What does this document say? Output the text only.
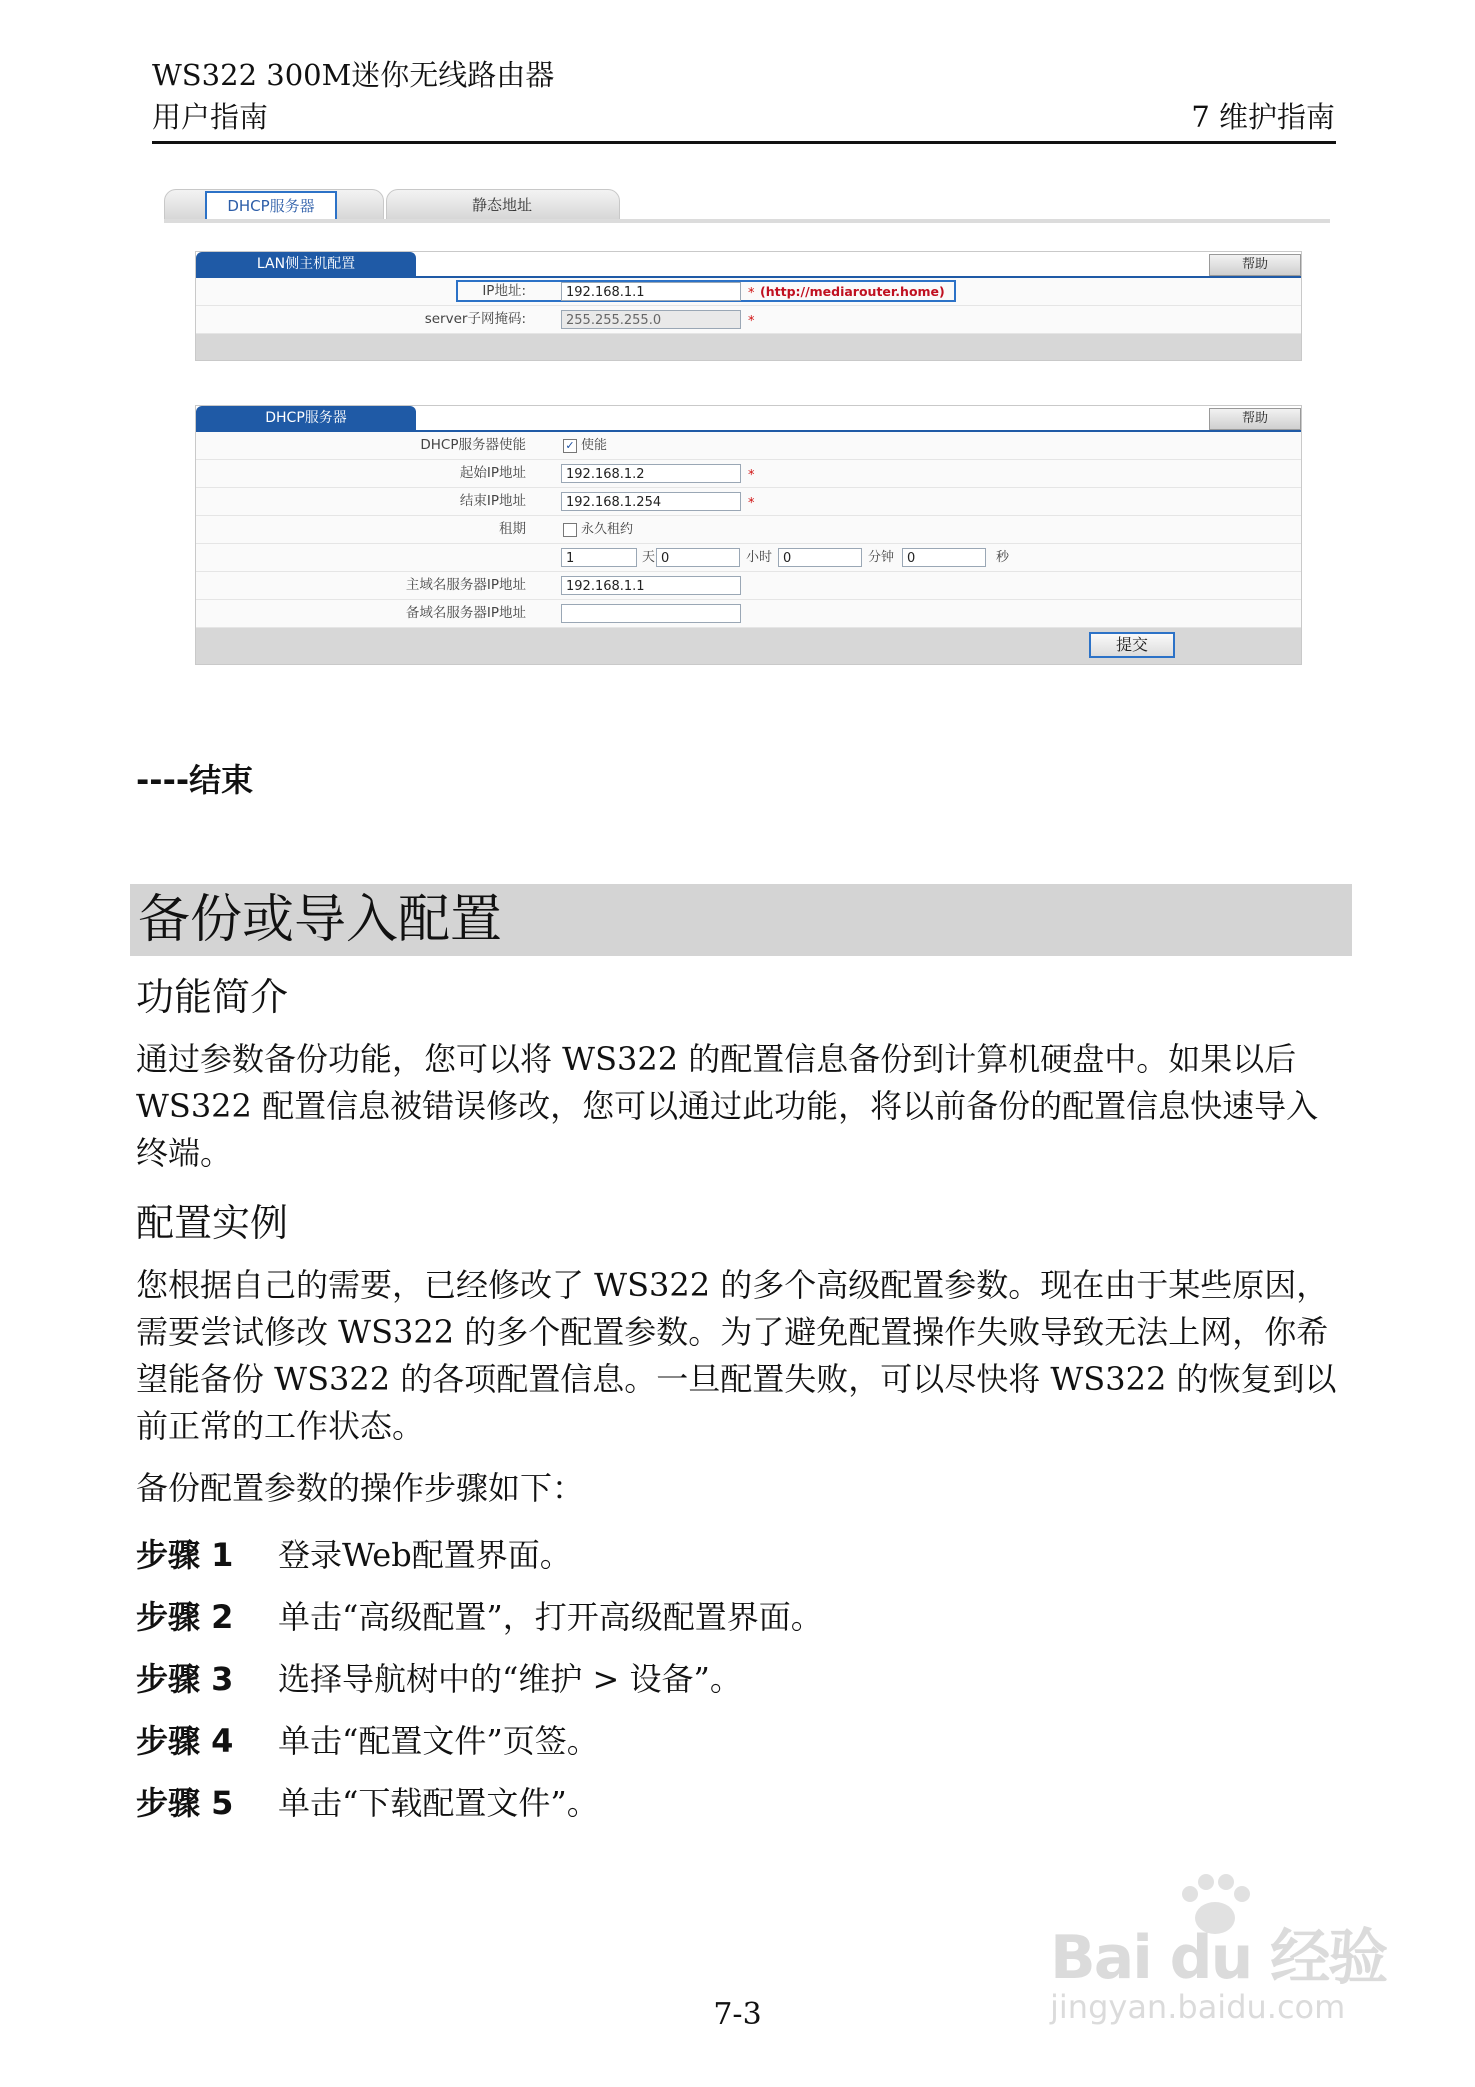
WS322 300M迷你无线路由器
用户指南	7 维护指南
DHCP服务器	静态地址
LAN侧主机配置	帮助
IP地址:	192.168.1.1	* (http://mediarouter.home)
server子网掩码:	255.255.255.0	*
DHCP服务器	帮助
DHCP服务器使能	✓ 使能
起始IP地址	192.168.1.2	*
结束IP地址	192.168.1.254	*
租期	永久租约
1	天 0	小时 0	分钟 0	秒
主域名服务器IP地址	192.168.1.1
备域名服务器IP地址
提交
----结束
备份或导入配置
功能简介
通过参数备份功能，您可以将 WS322 的配置信息备份到计算机硬盘中。如果以后 WS322 配置信息被错误修改，您可以通过此功能，将以前备份的配置信息快速导入终端。
配置实例
您根据自己的需要，已经修改了 WS322 的多个高级配置参数。现在由于某些原因，需要尝试修改 WS322 的多个配置参数。为了避免配置操作失败导致无法上网，你希望能备份 WS322 的各项配置信息。一旦配置失败，可以尽快将 WS322 的恢复到以前正常的工作状态。
备份配置参数的操作步骤如下：
步骤 1 登录Web配置界面。
步骤 2 单击“高级配置”，打开高级配置界面。
步骤 3 选择导航树中的“维护 > 设备”。
步骤 4 单击“配置文件”页签。
步骤 5 单击“下载配置文件”。
Bai du 经验
jingyan.baidu.com
7-3
